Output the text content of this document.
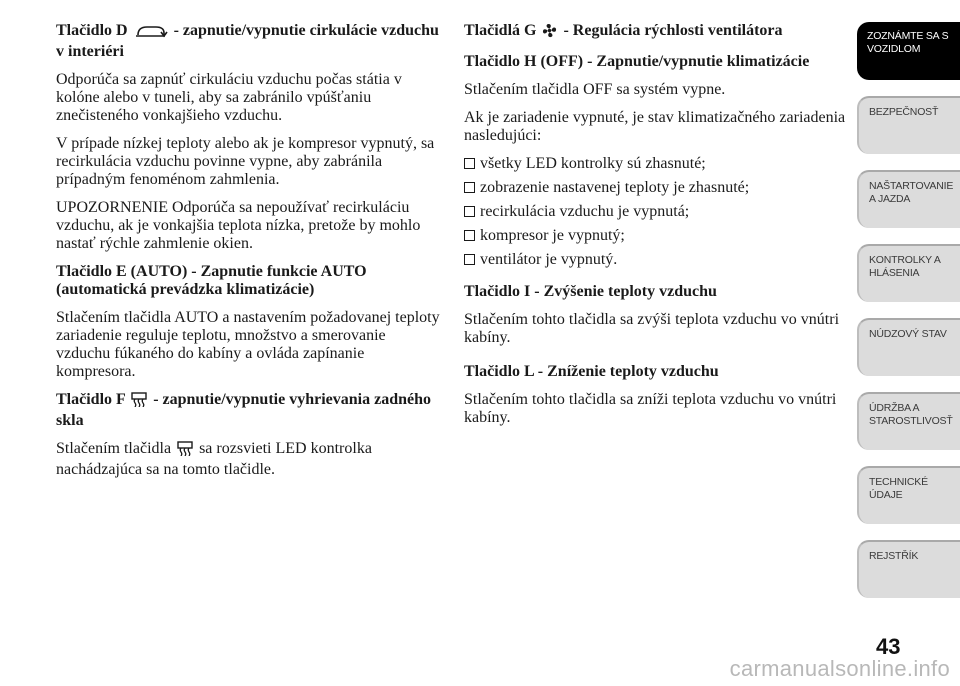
Tlačidlo D	- zapnutie/vypnutie cirkulácie vzduchu v interiéri

Odporúča sa zapnúť cirkuláciu vzduchu počas státia v kolóne alebo v tuneli, aby sa zabránilo vpúšťaniu znečisteného vonkajšieho vzduchu.

V prípade nízkej teploty alebo ak je kompresor vypnutý, sa recirkulácia vzduchu povinne vypne, aby zabránila prípadným fenoménom zahmlenia.

UPOZORNENIE Odporúča sa nepoužívať recirkuláciu vzduchu, ak je vonkajšia teplota nízka, pretože by mohlo nastať rýchle zahmlenie okien.

Tlačidlo E (AUTO) - Zapnutie funkcie AUTO (automatická prevádzka klimatizácie)

Stlačením tlačidla AUTO a nastavením požadovanej teploty zariadenie reguluje teplotu, množstvo a smerovanie vzduchu fúkaného do kabíny a ovláda zapínanie kompresora.

Tlačidlo F - zapnutie/vypnutie vyhrievania zadného skla

Stlačením tlačidla sa rozsvieti LED kontrolka nachádzajúca sa na tomto tlačidle.

Tlačidlá G - Regulácia rýchlosti ventilátora
Tlačidlo H (OFF) - Zapnutie/vypnutie klimatizácie

Stlačením tlačidla OFF sa systém vypne.

Ak je zariadenie vypnuté, je stav klimatizačného zariadenia nasledujúci:

všetky LED kontrolky sú zhasnuté;
zobrazenie nastavenej teploty je zhasnuté;
recirkulácia vzduchu je vypnutá;
kompresor je vypnutý;
ventilátor je vypnutý.
Tlačidlo I - Zvýšenie teploty vzduchu

Stlačením tohto tlačidla sa zvýši teplota vzduchu vo vnútri kabíny.

Tlačidlo L - Zníženie teploty vzduchu

Stlačením tohto tlačidla sa zníži teplota vzduchu vo vnútri kabíny.

ZOZNÁMTE SA S
VOZIDLOM
BEZPEČNOSŤ

NAŠTARTOVANIE
A JAZDA
KONTROLKY A
HLÁSENIA
NÚDZOVÝ STAV

ÚDRŽBA A
STAROSTLIVOSŤ
TECHNICKÉ
ÚDAJE
REJSTŘÍK

43
carmanualsonline.info
